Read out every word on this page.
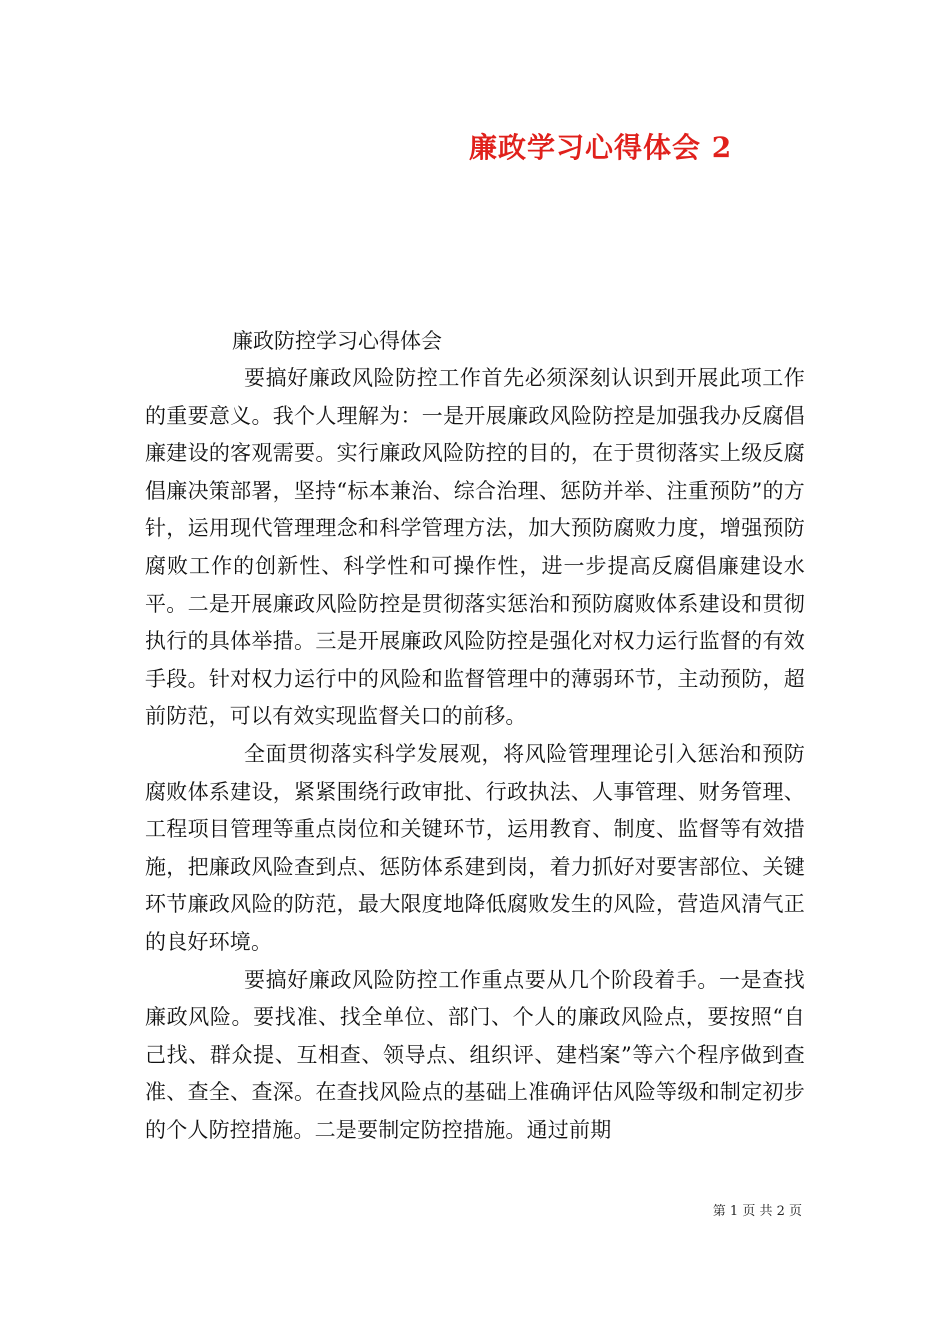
廉政学习心得体会 2
廉政防控学习心得体会

要搞好廉政风险防控工作首先必须深刻认识到开展此项工作的重要意义。我个人理解为：一是开展廉政风险防控是加强我办反腐倡廉建设的客观需要。实行廉政风险防控的目的，在于贯彻落实上级反腐倡廉决策部署，坚持“标本兼治、综合治理、惩防并举、注重预防”的方针，运用现代管理理念和科学管理方法，加大预防腐败力度，增强预防腐败工作的创新性、科学性和可操作性，进一步提高反腐倡廉建设水平。二是开展廉政风险防控是贯彻落实惩治和预防腐败体系建设和贯彻执行的具体举措。三是开展廉政风险防控是强化对权力运行监督的有效手段。针对权力运行中的风险和监督管理中的薄弱环节，主动预防，超前防范，可以有效实现监督关口的前移。

全面贯彻落实科学发展观，将风险管理理论引入惩治和预防腐败体系建设，紧紧围绕行政审批、行政执法、人事管理、财务管理、工程项目管理等重点岗位和关键环节，运用教育、制度、监督等有效措施，把廉政风险查到点、惩防体系建到岗，着力抓好对要害部位、关键环节廉政风险的防范，最大限度地降低腐败发生的风险，营造风清气正的良好环境。

要搞好廉政风险防控工作重点要从几个阶段着手。一是查找廉政风险。要找准、找全单位、部门、个人的廉政风险点，要按照“自己找、群众提、互相查、领导点、组织评、建档案”等六个程序做到查准、查全、查深。在查找风险点的基础上准确评估风险等级和制定初步的个人防控措施。二是要制定防控措施。通过前期

第 1 页 共 2 页
